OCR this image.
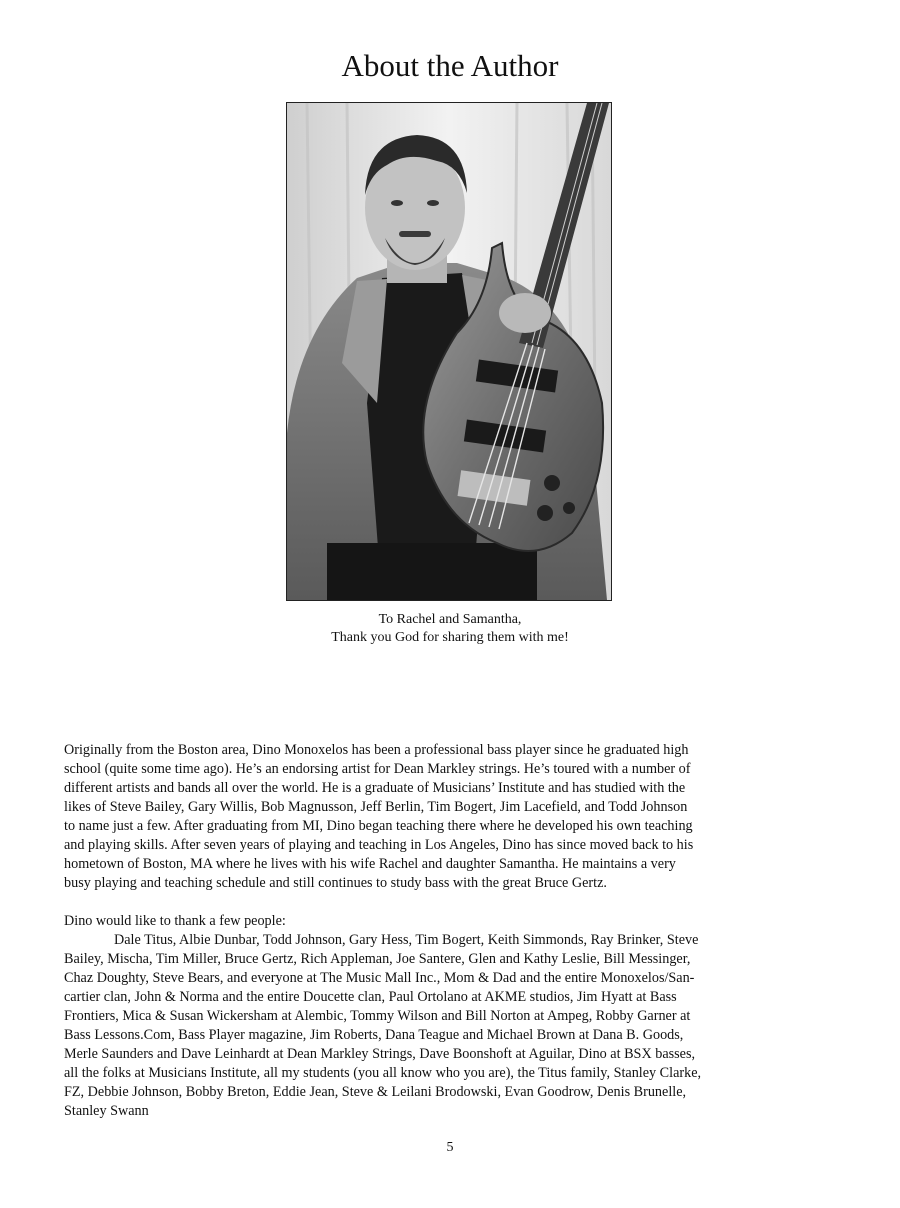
About the Author
To Rachel and Samantha,
Thank you God for sharing them with me!
Originally from the Boston area, Dino Monoxelos has been a professional bass player since he graduated high
school (quite some time ago). He’s an endorsing artist for Dean Markley strings. He’s toured with a number of
different artists and bands all over the world. He is a graduate of Musicians’ Institute and has studied with the
likes of Steve Bailey, Gary Willis, Bob Magnusson, Jeff Berlin, Tim Bogert, Jim Lacefield, and Todd Johnson
to name just a few. After graduating from MI, Dino began teaching there where he developed his own teaching
and playing skills. After seven years of playing and teaching in Los Angeles, Dino has since moved back to his
hometown of Boston, MA where he lives with his wife Rachel and daughter Samantha. He maintains a very
busy playing and teaching schedule and still continues to study bass with the great Bruce Gertz.
Dino would like to thank a few people:
Dale Titus, Albie Dunbar, Todd Johnson, Gary Hess, Tim Bogert, Keith Simmonds, Ray Brinker, Steve
Bailey, Mischa, Tim Miller, Bruce Gertz, Rich Appleman, Joe Santere, Glen and Kathy Leslie, Bill Messinger,
Chaz Doughty, Steve Bears, and everyone at The Music Mall Inc., Mom & Dad and the entire Monoxelos/San-
cartier clan, John & Norma and the entire Doucette clan, Paul Ortolano at AKME studios, Jim Hyatt at Bass
Frontiers, Mica & Susan Wickersham at Alembic, Tommy Wilson and Bill Norton at Ampeg, Robby Garner at
Bass Lessons.Com, Bass Player magazine, Jim Roberts, Dana Teague and Michael Brown at Dana B. Goods,
Merle Saunders and Dave Leinhardt at Dean Markley Strings, Dave Boonshoft at Aguilar, Dino at BSX basses,
all the folks at Musicians Institute, all my students (you all know who you are), the Titus family, Stanley Clarke,
FZ, Debbie Johnson, Bobby Breton, Eddie Jean, Steve & Leilani Brodowski, Evan Goodrow, Denis Brunelle,
Stanley Swann
5
